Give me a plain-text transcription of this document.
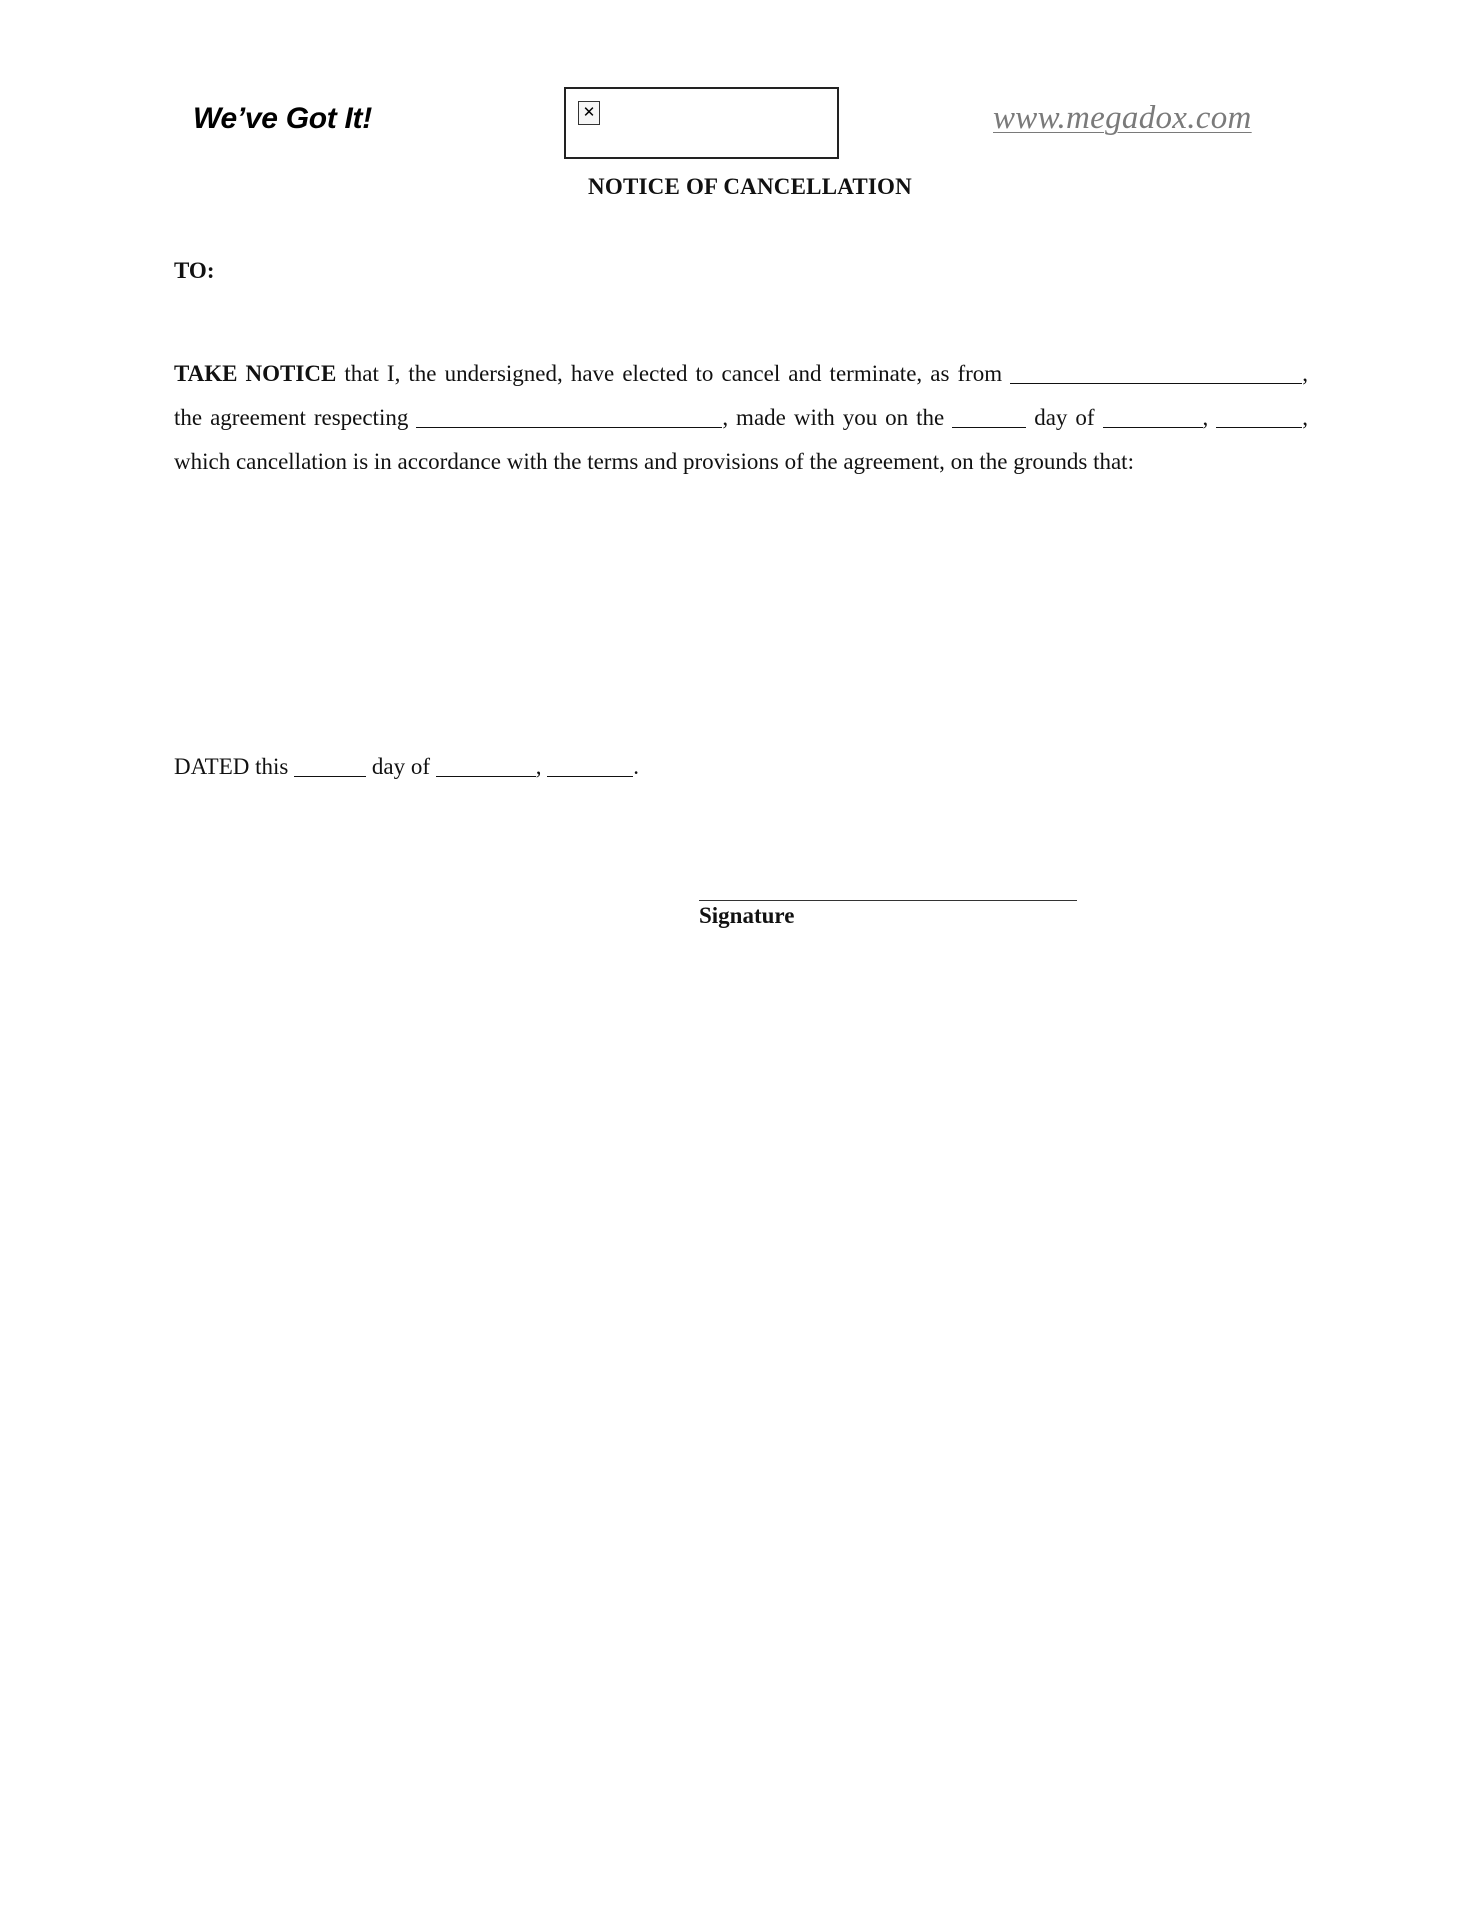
We’ve Got It!	✕	www.megadox.com
NOTICE OF CANCELLATION
TO:
TAKE NOTICE that I, the undersigned, have elected to cancel and terminate, as from	, the agreement respecting	, made with you on the	day of	,	, which cancellation is in accordance with the terms and provisions of the agreement, on the grounds that:
DATED this	day of	,	.
Signature
